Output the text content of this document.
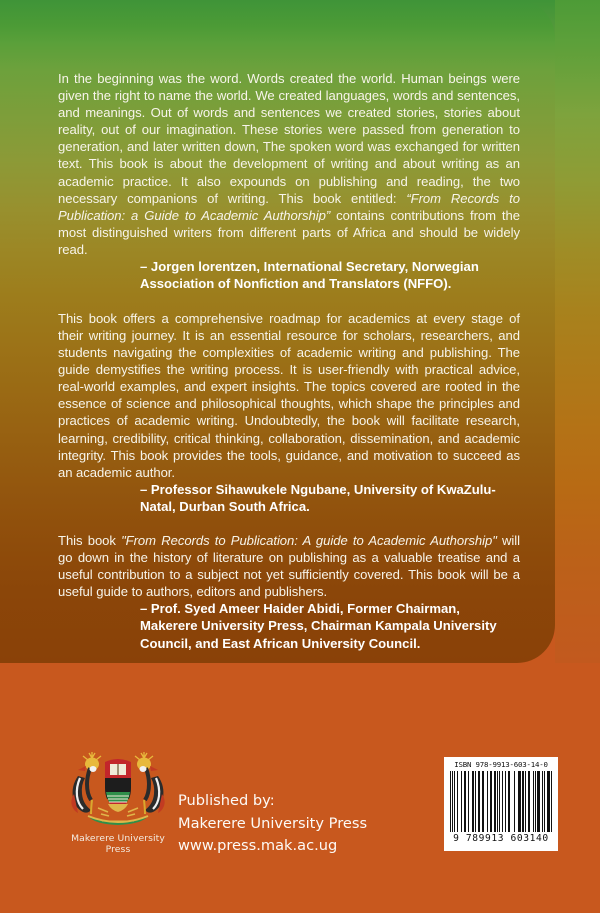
In the beginning was the word. Words created the world. Human beings were given the right to name the world. We created languages, words and sentences, and meanings. Out of words and sentences we created stories, stories about reality, out of our imagination. These stories were passed from generation to generation, and later written down, The spoken word was exchanged for written text. This book is about the development of writing and about writing as an academic practice. It also expounds on publishing and reading, the two necessary companions of writing. This book entitled: “From Records to Publication: a Guide to Academic Authorship” contains contributions from the most distinguished writers from different parts of Africa and should be widely read.

– Jorgen lorentzen, International Secretary, Norwegian Association of Nonfiction and Translators (NFFO).

This book offers a comprehensive roadmap for academics at every stage of their writing journey. It is an essential resource for scholars, researchers, and students navigating the complexities of academic writing and publishing. The guide demystifies the writing process. It is user-friendly with practical advice, real-world examples, and expert insights. The topics covered are rooted in the essence of science and philosophical thoughts, which shape the principles and practices of academic writing. Undoubtedly, the book will facilitate research, learning, credibility, critical thinking, collaboration, dissemination, and academic integrity. This book provides the tools, guidance, and motivation to succeed as an academic author.

– Professor Sihawukele Ngubane, University of KwaZulu-Natal, Durban South Africa.

This book "From Records to Publication: A guide to Academic Authorship" will go down in the history of literature on publishing as a valuable treatise and a useful contribution to a subject not yet sufficiently covered. This book will be a useful guide to authors, editors and publishers.

– Prof. Syed Ameer Haider Abidi, Former Chairman, Makerere University Press, Chairman Kampala University Council, and East African University Council.

Makerere University Press
Published by:
Makerere University Press
www.press.mak.ac.ug
ISBN 978-9913-603-14-0
9 789913 603140
